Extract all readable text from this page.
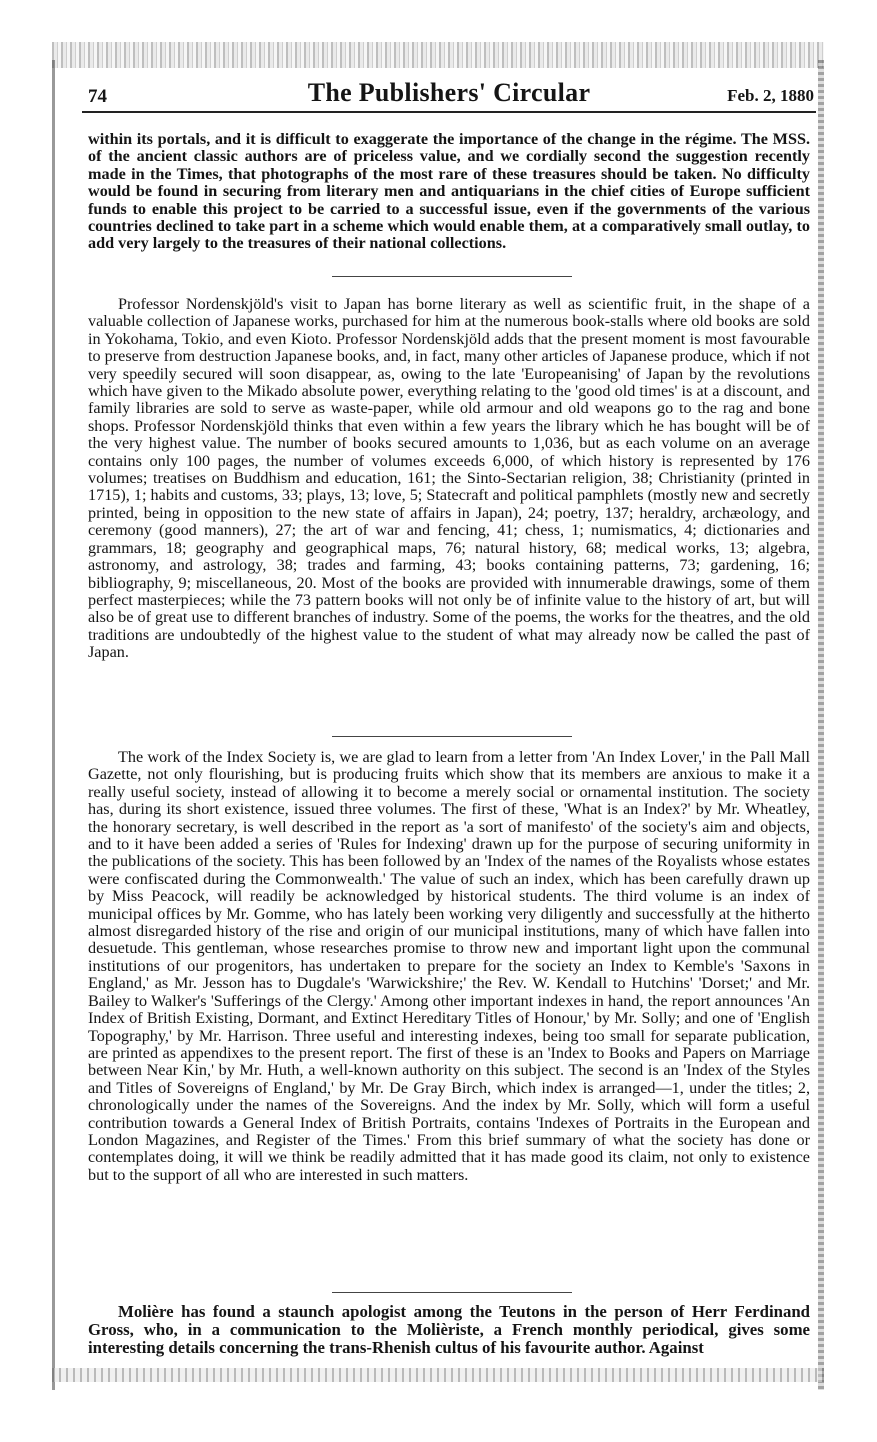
74	The Publishers' Circular	Feb. 2, 1880

within its portals, and it is difficult to exaggerate the importance of the change in the régime. The MSS. of the ancient classic authors are of priceless value, and we cordially second the suggestion recently made in the Times, that photographs of the most rare of these treasures should be taken. No difficulty would be found in securing from literary men and antiquarians in the chief cities of Europe sufficient funds to enable this project to be carried to a successful issue, even if the governments of the various countries declined to take part in a scheme which would enable them, at a comparatively small outlay, to add very largely to the treasures of their national collections.

Professor Nordenskjöld's visit to Japan has borne literary as well as scientific fruit, in the shape of a valuable collection of Japanese works, purchased for him at the numerous book-stalls where old books are sold in Yokohama, Tokio, and even Kioto. Professor Nordenskjöld adds that the present moment is most favourable to preserve from destruction Japanese books, and, in fact, many other articles of Japanese produce, which if not very speedily secured will soon disappear, as, owing to the late 'Europeanising' of Japan by the revolutions which have given to the Mikado absolute power, everything relating to the 'good old times' is at a discount, and family libraries are sold to serve as waste-paper, while old armour and old weapons go to the rag and bone shops. Professor Nordenskjöld thinks that even within a few years the library which he has bought will be of the very highest value. The number of books secured amounts to 1,036, but as each volume on an average contains only 100 pages, the number of volumes exceeds 6,000, of which history is represented by 176 volumes; treatises on Buddhism and education, 161; the Sinto-Sectarian religion, 38; Christianity (printed in 1715), 1; habits and customs, 33; plays, 13; love, 5; Statecraft and political pamphlets (mostly new and secretly printed, being in opposition to the new state of affairs in Japan), 24; poetry, 137; heraldry, archæology, and ceremony (good manners), 27; the art of war and fencing, 41; chess, 1; numismatics, 4; dictionaries and grammars, 18; geography and geographical maps, 76; natural history, 68; medical works, 13; algebra, astronomy, and astrology, 38; trades and farming, 43; books containing patterns, 73; gardening, 16; bibliography, 9; miscellaneous, 20. Most of the books are provided with innumerable drawings, some of them perfect masterpieces; while the 73 pattern books will not only be of infinite value to the history of art, but will also be of great use to different branches of industry. Some of the poems, the works for the theatres, and the old traditions are undoubtedly of the highest value to the student of what may already now be called the past of Japan.

The work of the Index Society is, we are glad to learn from a letter from 'An Index Lover,' in the Pall Mall Gazette, not only flourishing, but is producing fruits which show that its members are anxious to make it a really useful society, instead of allowing it to become a merely social or ornamental institution. The society has, during its short existence, issued three volumes. The first of these, 'What is an Index?' by Mr. Wheatley, the honorary secretary, is well described in the report as 'a sort of manifesto' of the society's aim and objects, and to it have been added a series of 'Rules for Indexing' drawn up for the purpose of securing uniformity in the publications of the society. This has been followed by an 'Index of the names of the Royalists whose estates were confiscated during the Commonwealth.' The value of such an index, which has been carefully drawn up by Miss Peacock, will readily be acknowledged by historical students. The third volume is an index of municipal offices by Mr. Gomme, who has lately been working very diligently and successfully at the hitherto almost disregarded history of the rise and origin of our municipal institutions, many of which have fallen into desuetude. This gentleman, whose researches promise to throw new and important light upon the communal institutions of our progenitors, has undertaken to prepare for the society an Index to Kemble's 'Saxons in England,' as Mr. Jesson has to Dugdale's 'Warwickshire;' the Rev. W. Kendall to Hutchins' 'Dorset;' and Mr. Bailey to Walker's 'Sufferings of the Clergy.' Among other important indexes in hand, the report announces 'An Index of British Existing, Dormant, and Extinct Hereditary Titles of Honour,' by Mr. Solly; and one of 'English Topography,' by Mr. Harrison. Three useful and interesting indexes, being too small for separate publication, are printed as appendixes to the present report. The first of these is an 'Index to Books and Papers on Marriage between Near Kin,' by Mr. Huth, a well-known authority on this subject. The second is an 'Index of the Styles and Titles of Sovereigns of England,' by Mr. De Gray Birch, which index is arranged—1, under the titles; 2, chronologically under the names of the Sovereigns. And the index by Mr. Solly, which will form a useful contribution towards a General Index of British Portraits, contains 'Indexes of Portraits in the European and London Magazines, and Register of the Times.' From this brief summary of what the society has done or contemplates doing, it will we think be readily admitted that it has made good its claim, not only to existence but to the support of all who are interested in such matters.

Molière has found a staunch apologist among the Teutons in the person of Herr Ferdinand Gross, who, in a communication to the Molièriste, a French monthly periodical, gives some interesting details concerning the trans-Rhenish cultus of his favourite author. Against
